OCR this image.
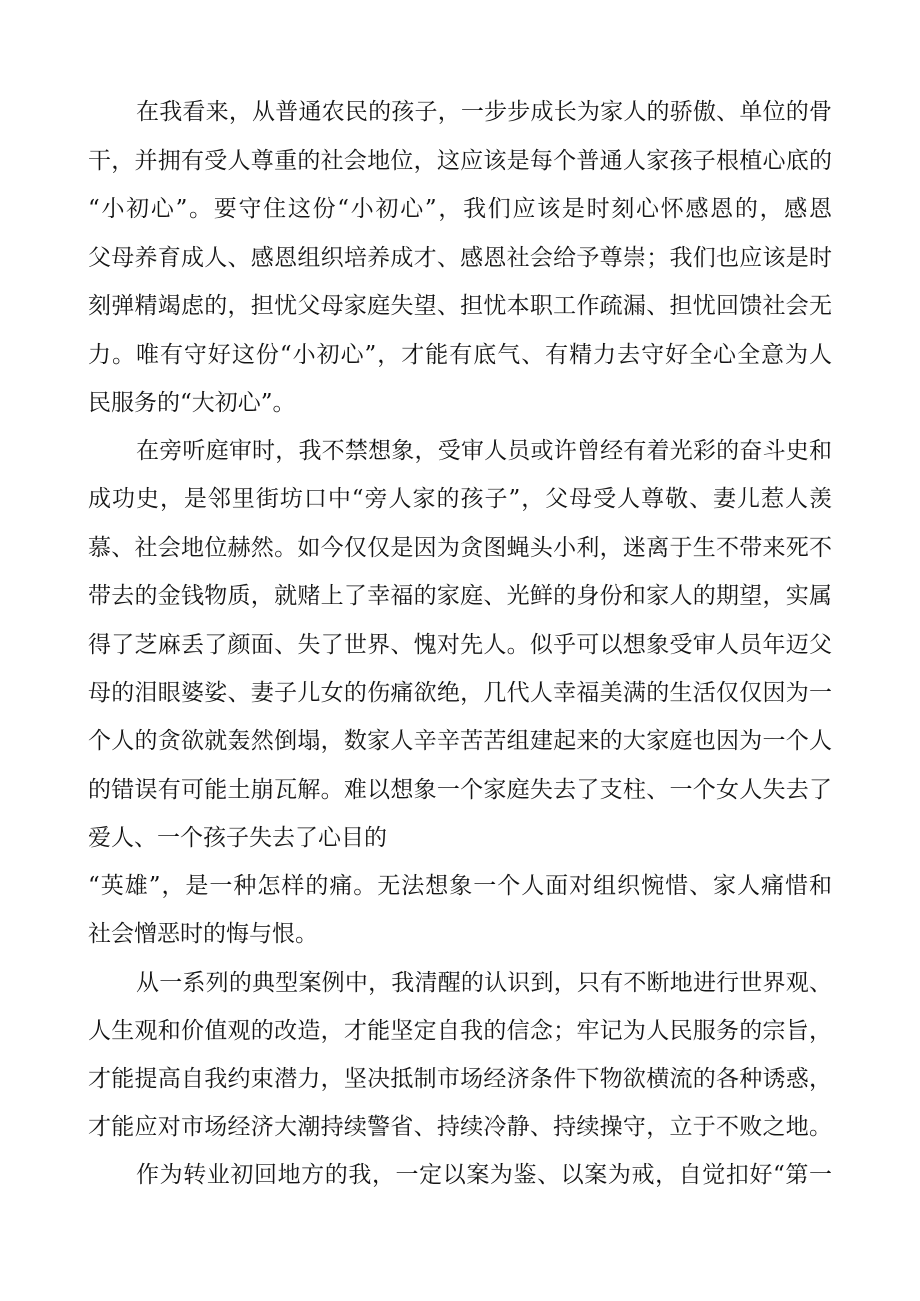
在我看来，从普通农民的孩子，一步步成长为家人的骄傲、单位的骨
干，并拥有受人尊重的社会地位，这应该是每个普通人家孩子根植心底的
“小初心”。要守住这份“小初心”，我们应该是时刻心怀感恩的，感恩
父母养育成人、感恩组织培养成才、感恩社会给予尊崇；我们也应该是时
刻弹精竭虑的，担忧父母家庭失望、担忧本职工作疏漏、担忧回馈社会无
力。唯有守好这份“小初心”，才能有底气、有精力去守好全心全意为人
民服务的“大初心”。
在旁听庭审时，我不禁想象，受审人员或许曾经有着光彩的奋斗史和
成功史，是邻里街坊口中“旁人家的孩子”，父母受人尊敬、妻儿惹人羡
慕、社会地位赫然。如今仅仅是因为贪图蝇头小利，迷离于生不带来死不
带去的金钱物质，就赌上了幸福的家庭、光鲜的身份和家人的期望，实属
得了芝麻丢了颜面、失了世界、愧对先人。似乎可以想象受审人员年迈父
母的泪眼婆娑、妻子儿女的伤痛欲绝，几代人幸福美满的生活仅仅因为一
个人的贪欲就轰然倒塌，数家人辛辛苦苦组建起来的大家庭也因为一个人
的错误有可能土崩瓦解。难以想象一个家庭失去了支柱、一个女人失去了
爱人、一个孩子失去了心目的
“英雄”，是一种怎样的痛。无法想象一个人面对组织惋惜、家人痛惜和
社会憎恶时的悔与恨。
从一系列的典型案例中，我清醒的认识到，只有不断地进行世界观、
人生观和价值观的改造，才能坚定自我的信念；牢记为人民服务的宗旨，
才能提高自我约束潜力，坚决抵制市场经济条件下物欲横流的各种诱惑，
才能应对市场经济大潮持续警省、持续冷静、持续操守，立于不败之地。
作为转业初回地方的我，一定以案为鉴、以案为戒，自觉扣好“第一
